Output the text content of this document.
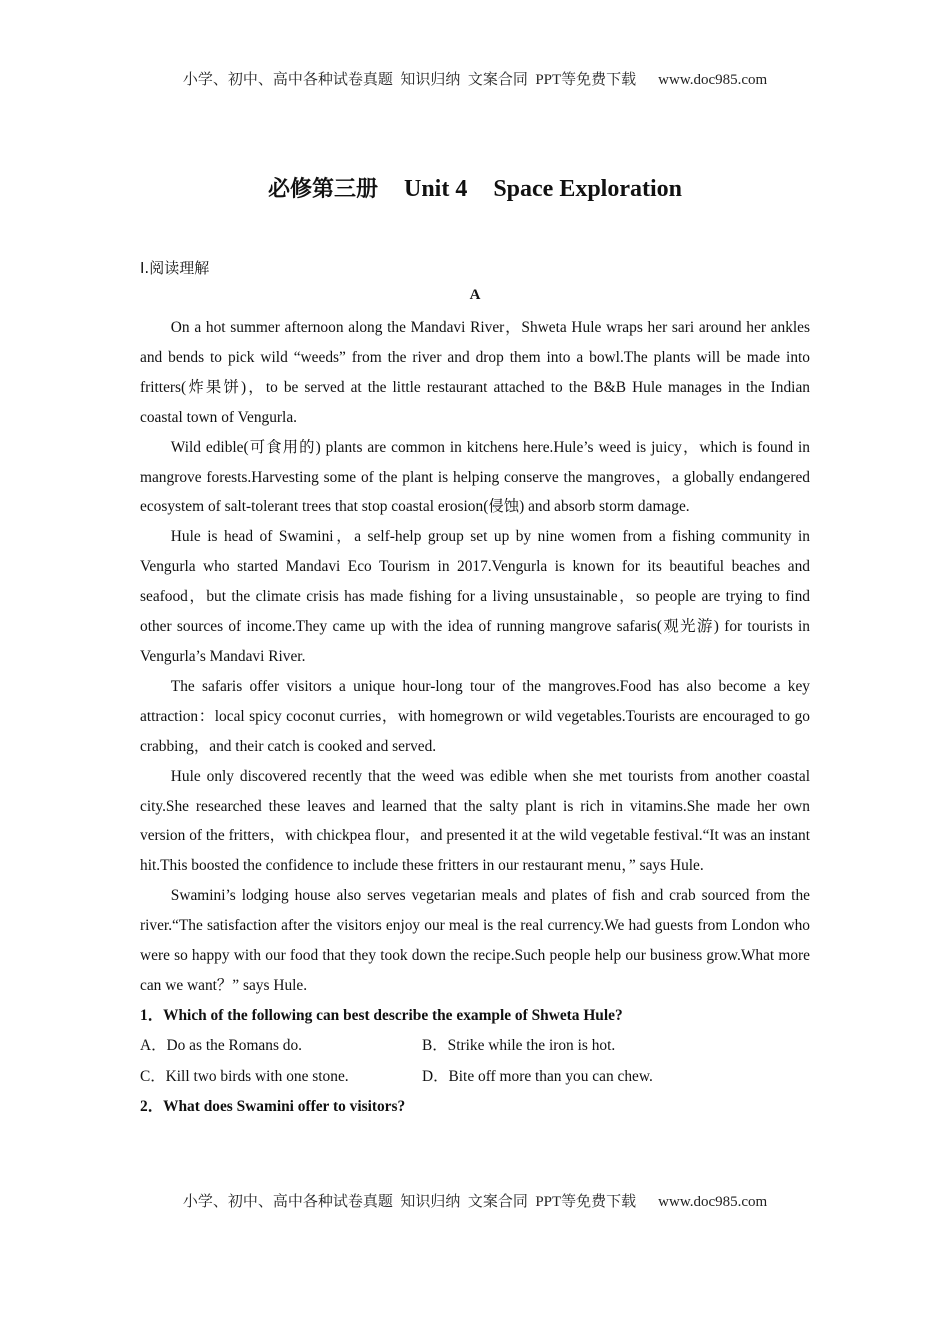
小学、初中、高中各种试卷真题  知识归纳  文案合同  PPT等免费下载 www.doc985.com
必修第三册 Unit 4 Space Exploration
Ⅰ.阅读理解
A

On a hot summer afternoon along the Mandavi River，Shweta Hule wraps her sari around her ankles and bends to pick wild “weeds” from the river and drop them into a bowl.The plants will be made into fritters(炸果饼)，to be served at the little restaurant attached to the B&B Hule manages in the Indian coastal town of Vengurla.

Wild edible(可食用的) plants are common in kitchens here.Hule’s weed is juicy，which is found in mangrove forests.Harvesting some of the plant is helping conserve the mangroves，a globally endangered ecosystem of salt-tolerant trees that stop coastal erosion(侵蚀) and absorb storm damage.

Hule is head of Swamini，a self-help group set up by nine women from a fishing community in Vengurla who started Mandavi Eco Tourism in 2017.Vengurla is known for its beautiful beaches and seafood，but the climate crisis has made fishing for a living unsustainable，so people are trying to find other sources of income.They came up with the idea of running mangrove safaris(观光游) for tourists in Vengurla’s Mandavi River.

The safaris offer visitors a unique hour-long tour of the mangroves.Food has also become a key attraction：local spicy coconut curries，with homegrown or wild vegetables.Tourists are encouraged to go crabbing，and their catch is cooked and served.

Hule only discovered recently that the weed was edible when she met tourists from another coastal city.She researched these leaves and learned that the salty plant is rich in vitamins.She made her own version of the fritters，with chickpea flour，and presented it at the wild vegetable festival.“It was an instant hit.This boosted the confidence to include these fritters in our restaurant menu，” says Hule.

Swamini’s lodging house also serves vegetarian meals and plates of fish and crab sourced from the river.“The satisfaction after the visitors enjoy our meal is the real currency.We had guests from London who were so happy with our food that they took down the recipe.Such people help our business grow.What more can we want？” says Hule.

1．Which of the following can best describe the example of Shweta Hule?
A．Do as the Romans do.	B．Strike while the iron is hot.
C．Kill two birds with one stone.	D．Bite off more than you can chew.
2．What does Swamini offer to visitors?
小学、初中、高中各种试卷真题  知识归纳  文案合同  PPT等免费下载 www.doc985.com
